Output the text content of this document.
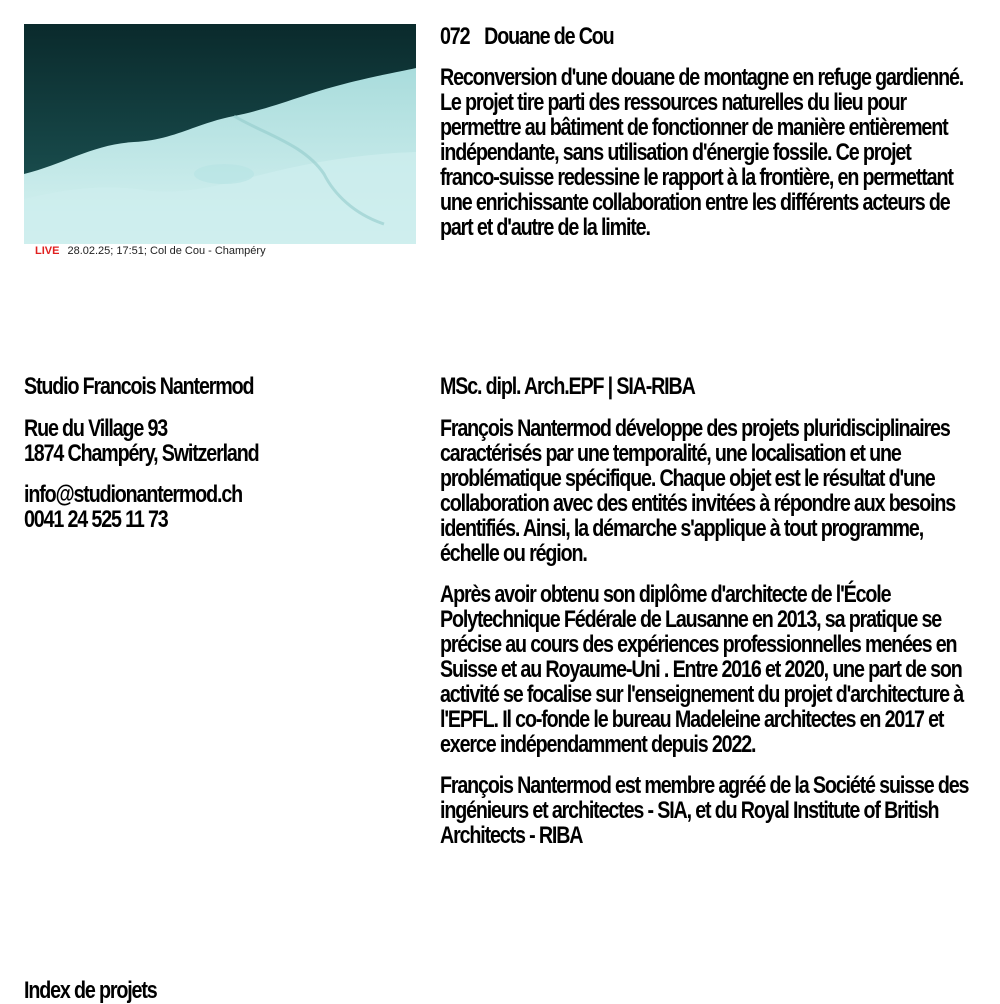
LIVE 28.02.25; 17:51; Col de Cou - Champéry
072 Douane de Cou
Reconversion d'une douane de montagne en refuge gardienné. Le projet tire parti des ressources naturelles du lieu pour permettre au bâtiment de fonctionner de manière entièrement indépendante, sans utilisation d'énergie fossile. Ce projet franco-suisse redessine le rapport à la frontière, en permettant une enrichissante collaboration entre les différents acteurs de part et d'autre de la limite.
Studio Francois Nantermod
Rue du Village 93
1874 Champéry, Switzerland
info@studionantermod.ch
0041 24 525 11 73
MSc. dipl. Arch.EPF | SIA-RIBA
François Nantermod développe des projets pluridisciplinaires caractérisés par une temporalité, une localisation et une problématique spécifique. Chaque objet est le résultat d'une collaboration avec des entités invitées à répondre aux besoins identifiés. Ainsi, la démarche s'applique à tout programme, échelle ou région.
Après avoir obtenu son diplôme d'architecte de l'École Polytechnique Fédérale de Lausanne en 2013, sa pratique se précise au cours des expériences professionnelles menées en Suisse et au Royaume-Uni . Entre 2016 et 2020, une part de son activité se focalise sur l'enseignement du projet d'architecture à l'EPFL. Il co-fonde le bureau Madeleine architectes en 2017 et exerce indépendamment depuis 2022.
François Nantermod est membre agréé de la Société suisse des ingénieurs et architectes - SIA, et du Royal Institute of British Architects - RIBA
Index de projets
